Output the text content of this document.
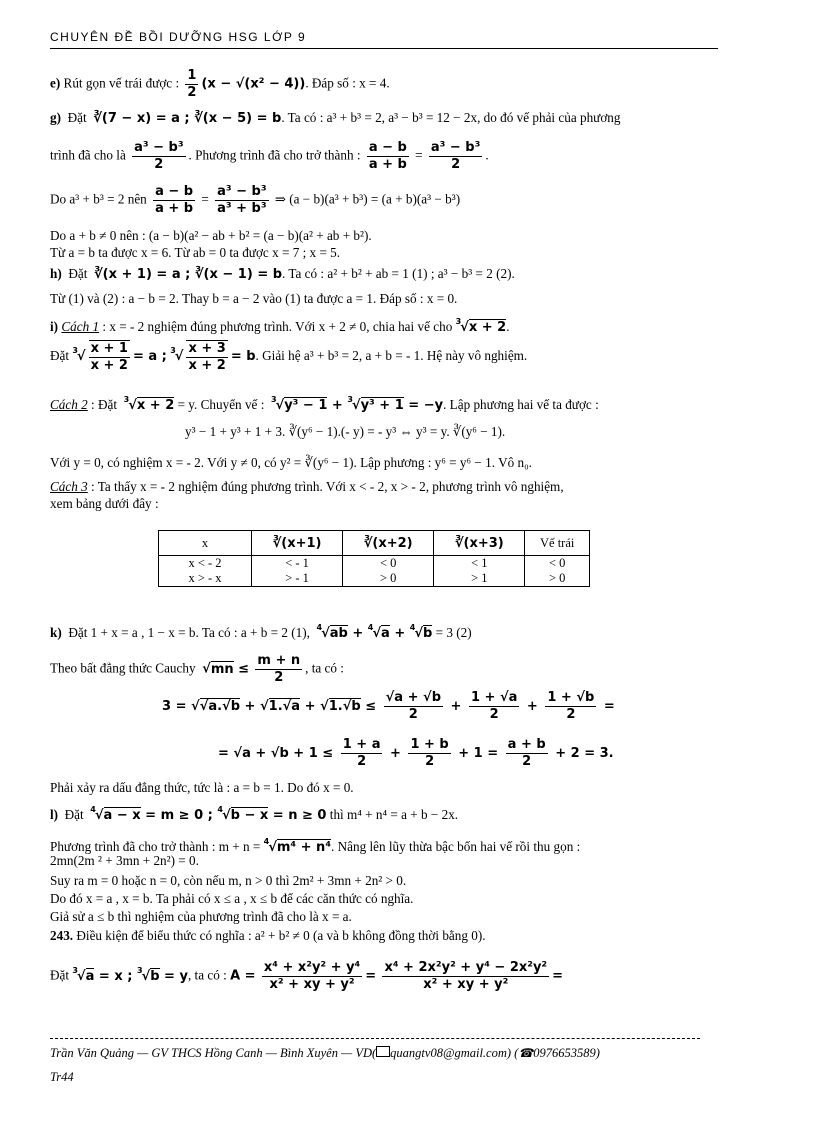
CHUYÊN ĐỀ BỒI DƯỠNG HSG LỚP 9
e) Rút gọn vế trái được : $\frac{1}{2} (x - √(x^2 - 4))$. Đáp số : x = 4.
g) Đặt ∛(7 − x) = a ; ∛(x − 5) = b. Ta có : a³ + b³ = 2, a³ − b³ = 12 − 2x, do đó vế phải của phương
trình đã cho là $\frac{\text{a³ − b³}}{2}$ . Phương trình đã cho trở thành : $\frac{a - b}{a + b} = \frac{\text{a³ − b³}}{2}$ .
Do a³ + b³ = 2 nên $\frac{a - b}{a + b} = \frac{\text{a³ − b³}}{\text{a³ + b³}}$ ⇒ (a − b)(a³ + b³) = (a + b)(a³ − b³)
Do a + b ≠ 0 nên : (a − b)(a² − ab + b² = (a − b)(a² + ab + b²).
Từ a = b ta được x = 6. Từ ab = 0 ta được x = 7 ; x = 5.
h) Đặt ∛(x + 1) = a ; ∛(x − 1) = b. Ta có : a² + b² + ab = 1 (1) ; a³ − b³ = 2 (2).
Từ (1) và (2) : a − b = 2. Thay b = a − 2 vào (1) ta được a = 1. Đáp số : x = 0.
i) Cách 1 : x = - 2 nghiệm đúng phương trình. Với x + 2 ≠ 0, chia hai vế cho $^3$√x + 2.
Đặt $^3√ \frac{x + 1}{x + 2} = a$ ; $^3√ \frac{x + 3}{x + 2} = b$. Giải hệ a³ + b³ = 2, a + b = - 1. Hệ này vô nghiệm.
Cách 2 : Đặt $^3$√x + 2 = y. Chuyển vế : $^3$√y³ − 1 + $^3$√y³ + 1 = −y. Lập phương hai vế ta được :
y³ − 1 + y³ + 1 + 3. ∛(y⁶ − 1).(- y) = - y³ ⇔ y³ = y. ∛(y⁶ − 1).
Với y = 0, có nghiệm x = - 2. Với y ≠ 0, có y² = ∛(y⁶ − 1). Lập phương : y⁶ = y⁶ − 1. Vô n₀.
Cách 3 : Ta thấy x = - 2 nghiệm đúng phương trình. Với x < - 2, x > - 2, phương trình vô nghiệm,
xem bảng dưới đây :
x	∛(x+1)	∛(x+2)	∛(x+3)	Vế trái
x < - 2	< - 1	< 0	< 1	< 0
x > - x	> - 1	> 0	> 1	> 0
k) Đặt 1 + x = a , 1 − x = b. Ta có : a + b = 2 (1), $^4$√ab + $^4$√a + $^4$√b = 3 (2)
Theo bất đẳng thức Cauchy $√mn \le \frac{m + n}{2}$ , ta có :
$3 = √√a.√b + √1.√a + √1.√b \le \frac{√a + √b}{2} + \frac{1 + √a}{2} + \frac{1 + √b}{2}$ =
= $√a + √b + 1 \le \frac{1 + a}{2} + \frac{1 + b}{2} + 1 = \frac{a + b}{2} + 2 = 3$.
Phải xảy ra dấu đẳng thức, tức là : a = b = 1. Do đó x = 0.
l) Đặt $^4$√a − x = m ≥ 0 ; $^4$√b − x = n ≥ 0 thì m⁴ + n⁴ = a + b − 2x.
Phương trình đã cho trở thành : m + n = $^4$√m⁴ + n⁴. Nâng lên lũy thừa bậc bốn hai vế rồi thu gọn :
2mn(2m ² + 3mn + 2n²) = 0.
Suy ra m = 0 hoặc n = 0, còn nếu m, n > 0 thì 2m² + 3mn + 2n² > 0.
Do đó x = a , x = b. Ta phải có x ≤ a , x ≤ b để các căn thức có nghĩa.
Giả sử a ≤ b thì nghiệm của phương trình đã cho là x = a.
243. Điều kiện để biểu thức có nghĩa : a² + b² ≠ 0 (a và b không đồng thời bằng 0).
Đặt $^3$√a = x ; $^3$√b = y, ta có : $A = \frac{\text{x⁴ + x²y² + y⁴}}{\text{x² + xy + y²}} = \frac{\text{x⁴ + 2x²y² + y⁴ − 2x²y²}}{\text{x² + xy + y²}}$ =
Trần Văn Quảng — GV THCS Hồng Canh — Bình Xuyên — VD( quangtv08@gmail.com) (☎0976653589)
Tr44
